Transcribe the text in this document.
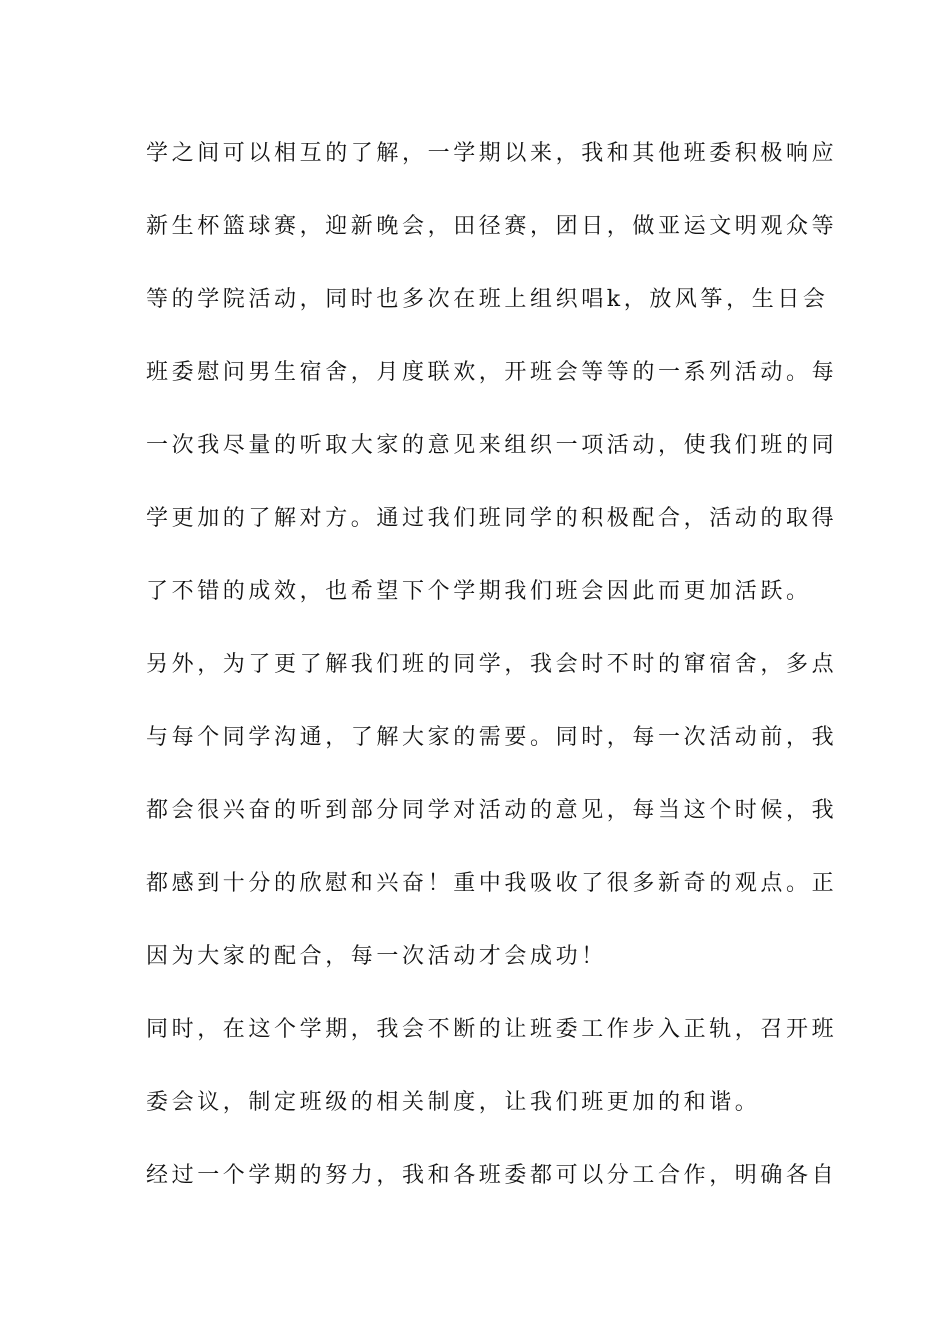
学之间可以相互的了解，一学期以来，我和其他班委积极响应
新生杯篮球赛，迎新晚会，田径赛，团日，做亚运文明观众等
等的学院活动，同时也多次在班上组织唱k，放风筝，生日会
班委慰问男生宿舍，月度联欢，开班会等等的一系列活动。每
一次我尽量的听取大家的意见来组织一项活动，使我们班的同
学更加的了解对方。通过我们班同学的积极配合，活动的取得
了不错的成效，也希望下个学期我们班会因此而更加活跃。
另外，为了更了解我们班的同学，我会时不时的窜宿舍，多点
与每个同学沟通，了解大家的需要。同时，每一次活动前，我
都会很兴奋的听到部分同学对活动的意见，每当这个时候，我
都感到十分的欣慰和兴奋！重中我吸收了很多新奇的观点。正
因为大家的配合，每一次活动才会成功！
同时，在这个学期，我会不断的让班委工作步入正轨，召开班
委会议，制定班级的相关制度，让我们班更加的和谐。
经过一个学期的努力，我和各班委都可以分工合作，明确各自
